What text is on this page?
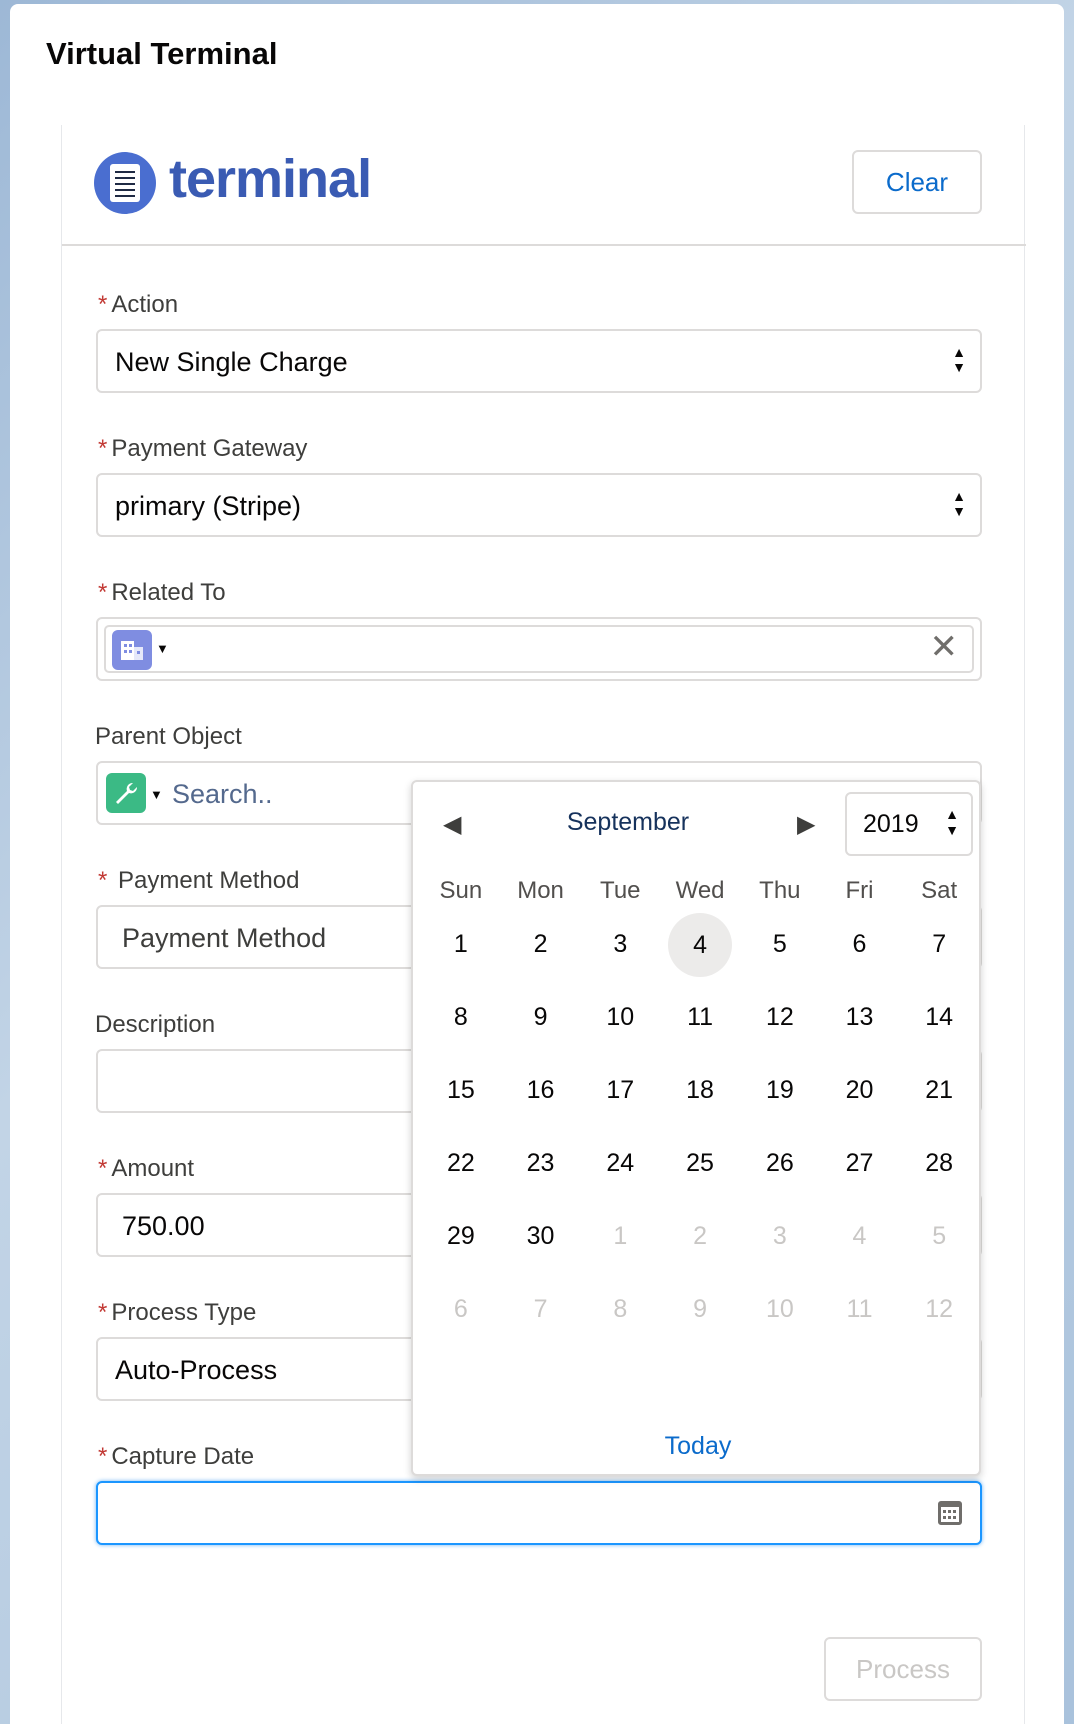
Virtual Terminal
terminal	Clear
* Action
New Single Charge	▲
▼
* Payment Gateway
primary (Stripe)	▲
▼
* Related To
▼	✕
Parent Object
▼ Search..
* Payment Method
Payment Method
Description
* Amount
750.00
* Process Type
Auto-Process
* Capture Date
Process
◀	September	▶ 2019 ▲
▼
Sun	Mon	Tue	Wed	Thu	Fri	Sat
1	2	3	4	5	6	7
8	9	10	11	12	13	14
15	16	17	18	19	20	21
22	23	24	25	26	27	28
29	30	1	2	3	4	5
6	7	8	9	10	11	12
Today
